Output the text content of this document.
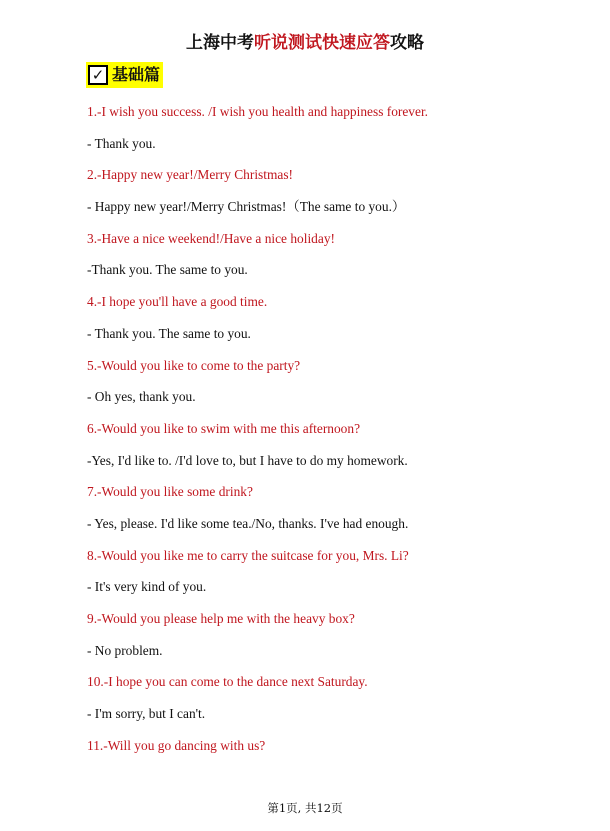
上海中考听说测试快速应答攻略
✓ 基础篇
1.-I wish you success. /I wish you health and happiness forever.
- Thank you.
2.-Happy new year!/Merry Christmas!
- Happy new year!/Merry Christmas!（The same to you.）
3.-Have a nice weekend!/Have a nice holiday!
-Thank you. The same to you.
4.-I hope you'll have a good time.
- Thank you. The same to you.
5.-Would you like to come to the party?
- Oh yes, thank you.
6.-Would you like to swim with me this afternoon?
-Yes, I'd like to. /I'd love to, but I have to do my homework.
7.-Would you like some drink?
- Yes, please. I'd like some tea./No, thanks. I've had enough.
8.-Would you like me to carry the suitcase for you, Mrs. Li?
- It's very kind of you.
9.-Would you please help me with the heavy box?
- No problem.
10.-I hope you can come to the dance next Saturday.
- I'm sorry, but I can't.
11.-Will you go dancing with us?
第1页, 共12页
